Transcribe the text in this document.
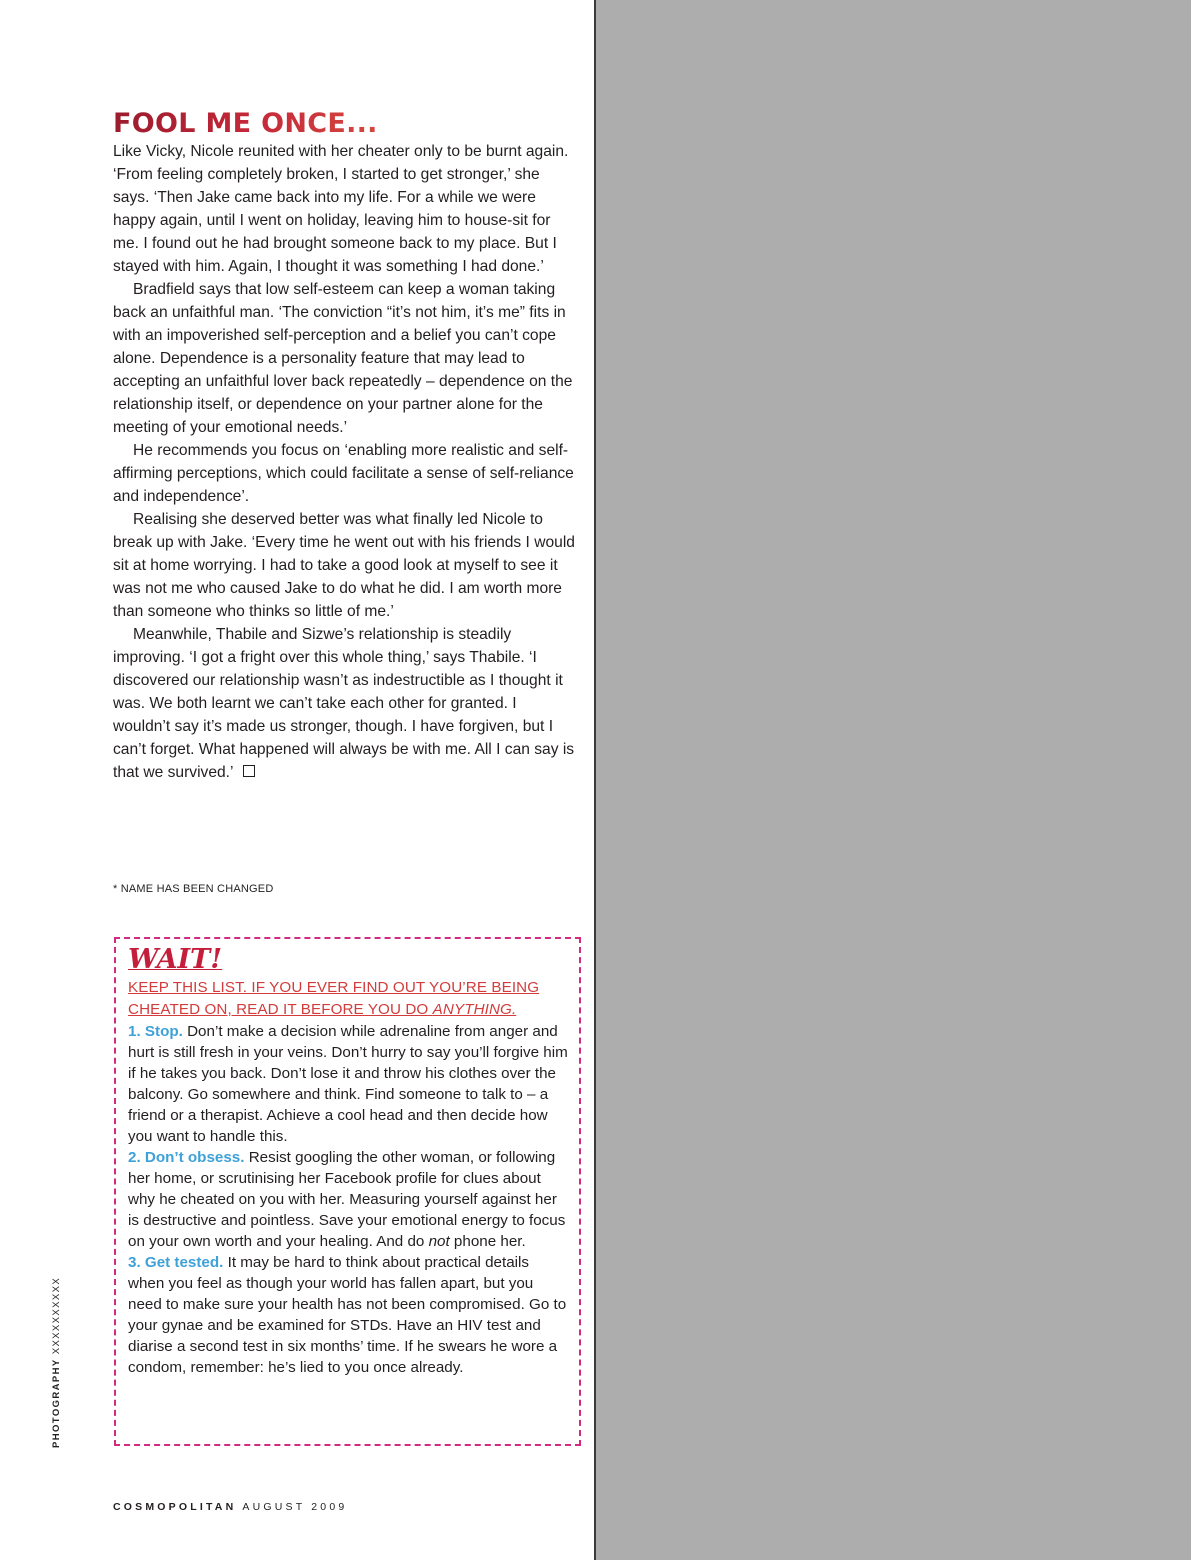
FOOL ME ONCE...

Like Vicky, Nicole reunited with her cheater only to be burnt again. ‘From feeling completely broken, I started to get stronger,’ she says. ‘Then Jake came back into my life. For a while we were happy again, until I went on holiday, leaving him to house-sit for me. I found out he had brought someone back to my place. But I stayed with him. Again, I thought it was something I had done.’

Bradfield says that low self-esteem can keep a woman taking back an unfaithful man. ‘The conviction “it’s not him, it’s me” fits in with an impoverished self-perception and a belief you can’t cope alone. Dependence is a personality feature that may lead to accepting an unfaithful lover back repeatedly – dependence on the relationship itself, or dependence on your partner alone for the meeting of your emotional needs.’

He recommends you focus on ‘enabling more realistic and self-affirming perceptions, which could facilitate a sense of self-reliance and independence’.

Realising she deserved better was what finally led Nicole to break up with Jake. ‘Every time he went out with his friends I would sit at home worrying. I had to take a good look at myself to see it was not me who caused Jake to do what he did. I am worth more than someone who thinks so little of me.’

Meanwhile, Thabile and Sizwe’s relationship is steadily improving. ‘I got a fright over this whole thing,’ says Thabile. ‘I discovered our relationship wasn’t as indestructible as I thought it was. We both learnt we can’t take each other for granted. I wouldn’t say it’s made us stronger, though. I have forgiven, but I can’t forget. What happened will always be with me. All I can say is that we survived.’

* NAME HAS BEEN CHANGED
WAIT!
KEEP THIS LIST. IF YOU EVER FIND OUT YOU’RE BEING CHEATED ON, READ IT BEFORE YOU DO ANYTHING.

1. Stop. Don’t make a decision while adrenaline from anger and hurt is still fresh in your veins. Don’t hurry to say you’ll forgive him if he takes you back. Don’t lose it and throw his clothes over the balcony. Go somewhere and think. Find someone to talk to – a friend or a therapist. Achieve a cool head and then decide how you want to handle this.

2. Don’t obsess. Resist googling the other woman, or following her home, or scrutinising her Facebook profile for clues about why he cheated on you with her. Measuring yourself against her is destructive and pointless. Save your emotional energy to focus on your own worth and your healing. And do not phone her.

3. Get tested. It may be hard to think about practical details when you feel as though your world has fallen apart, but you need to make sure your health has not been compromised. Go to your gynae and be examined for STDs. Have an HIV test and diarise a second test in six months’ time. If he swears he wore a condom, remember: he’s lied to you once already.

PHOTOGRAPHY XXXXXXXXXX
COSMOPOLITAN AUGUST 2009
